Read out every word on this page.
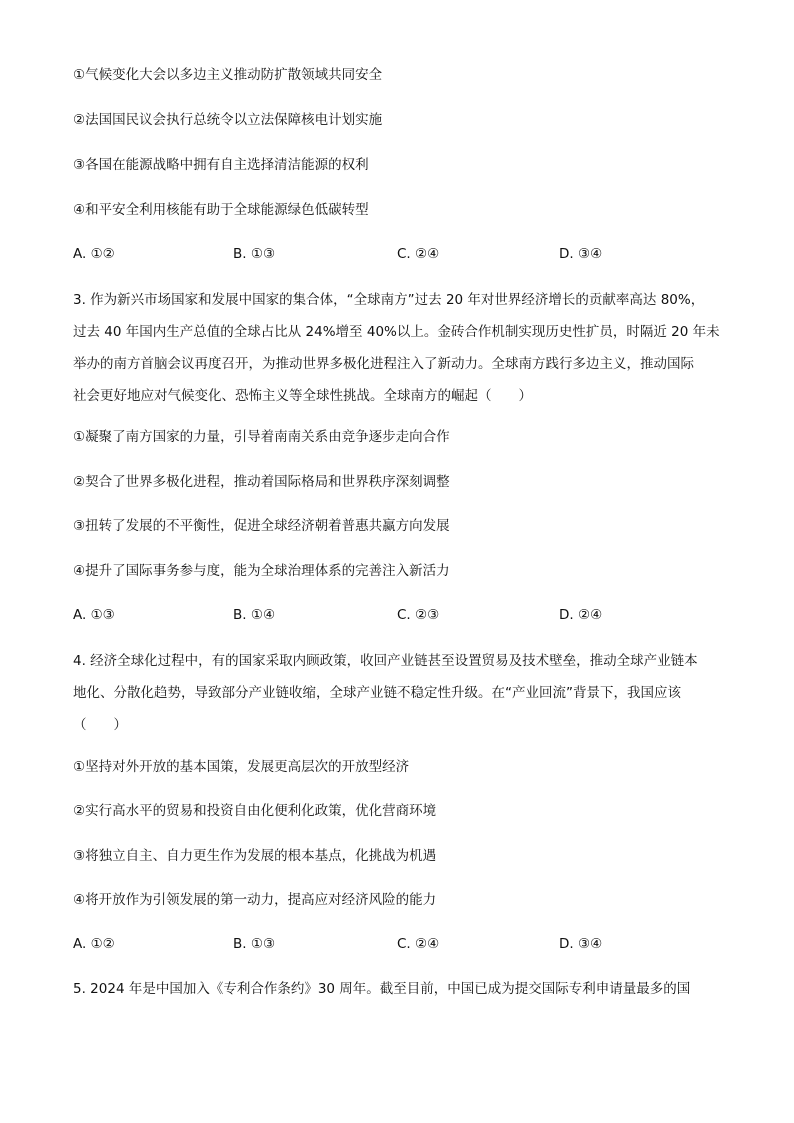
①气候变化大会以多边主义推动防扩散领域共同安全
②法国国民议会执行总统令以立法保障核电计划实施
③各国在能源战略中拥有自主选择清洁能源的权利
④和平安全利用核能有助于全球能源绿色低碳转型
A. ①②	B. ①③	C. ②④	D. ③④
3. 作为新兴市场国家和发展中国家的集合体，“全球南方”过去 20 年对世界经济增长的贡献率高达 80%，
过去 40 年国内生产总值的全球占比从 24%增至 40%以上。金砖合作机制实现历史性扩员，时隔近 20 年未
举办的南方首脑会议再度召开，为推动世界多极化进程注入了新动力。全球南方践行多边主义，推动国际
社会更好地应对气候变化、恐怖主义等全球性挑战。全球南方的崛起（　　）
①凝聚了南方国家的力量，引导着南南关系由竞争逐步走向合作
②契合了世界多极化进程，推动着国际格局和世界秩序深刻调整
③扭转了发展的不平衡性，促进全球经济朝着普惠共赢方向发展
④提升了国际事务参与度，能为全球治理体系的完善注入新活力
A. ①③	B. ①④	C. ②③	D. ②④
4. 经济全球化过程中，有的国家采取内顾政策，收回产业链甚至设置贸易及技术壁垒，推动全球产业链本
地化、分散化趋势，导致部分产业链收缩，全球产业链不稳定性升级。在“产业回流”背景下，我国应该
（　　）
①坚持对外开放的基本国策，发展更高层次的开放型经济
②实行高水平的贸易和投资自由化便利化政策，优化营商环境
③将独立自主、自力更生作为发展的根本基点，化挑战为机遇
④将开放作为引领发展的第一动力，提高应对经济风险的能力
A. ①②	B. ①③	C. ②④	D. ③④
5. 2024 年是中国加入《专利合作条约》30 周年。截至目前，中国已成为提交国际专利申请量最多的国
